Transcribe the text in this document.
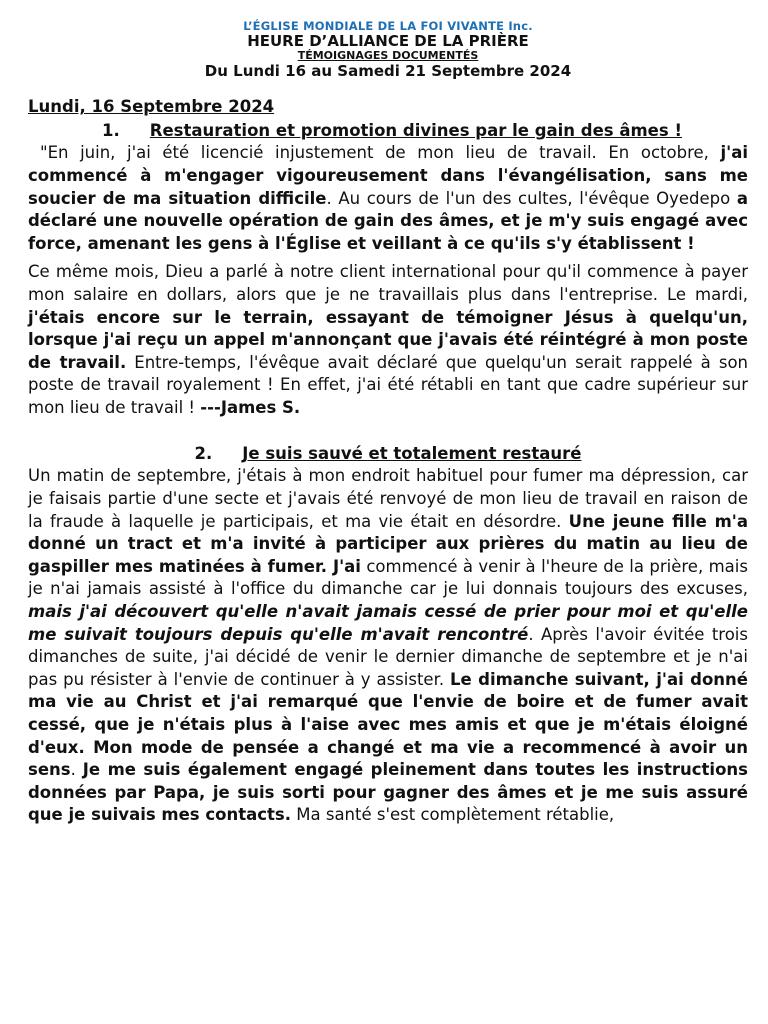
L’ÉGLISE MONDIALE DE LA FOI VIVANTE Inc.
HEURE D’ALLIANCE DE LA PRIÈRE
TÉMOIGNAGES DOCUMENTÉS
Du Lundi 16 au Samedi 21 Septembre 2024
Lundi, 16 Septembre 2024
1. Restauration et promotion divines par le gain des âmes !

"En juin, j'ai été licencié injustement de mon lieu de travail. En octobre, j'ai commencé à m'engager vigoureusement dans l'évangélisation, sans me soucier de ma situation difficile. Au cours de l'un des cultes, l'évêque Oyedepo a déclaré une nouvelle opération de gain des âmes, et je m'y suis engagé avec force, amenant les gens à l'Église et veillant à ce qu'ils s'y établissent !

Ce même mois, Dieu a parlé à notre client international pour qu'il commence à payer mon salaire en dollars, alors que je ne travaillais plus dans l'entreprise. Le mardi, j'étais encore sur le terrain, essayant de témoigner Jésus à quelqu'un, lorsque j'ai reçu un appel m'annonçant que j'avais été réintégré à mon poste de travail. Entre-temps, l'évêque avait déclaré que quelqu'un serait rappelé à son poste de travail royalement ! En effet, j'ai été rétabli en tant que cadre supérieur sur mon lieu de travail ! ---James S.

2. Je suis sauvé et totalement restauré

Un matin de septembre, j'étais à mon endroit habituel pour fumer ma dépression, car je faisais partie d'une secte et j'avais été renvoyé de mon lieu de travail en raison de la fraude à laquelle je participais, et ma vie était en désordre. Une jeune fille m'a donné un tract et m'a invité à participer aux prières du matin au lieu de gaspiller mes matinées à fumer. J'ai commencé à venir à l'heure de la prière, mais je n'ai jamais assisté à l'office du dimanche car je lui donnais toujours des excuses, mais j'ai découvert qu'elle n'avait jamais cessé de prier pour moi et qu'elle me suivait toujours depuis qu'elle m'avait rencontré. Après l'avoir évitée trois dimanches de suite, j'ai décidé de venir le dernier dimanche de septembre et je n'ai pas pu résister à l'envie de continuer à y assister. Le dimanche suivant, j'ai donné ma vie au Christ et j'ai remarqué que l'envie de boire et de fumer avait cessé, que je n'étais plus à l'aise avec mes amis et que je m'étais éloigné d'eux. Mon mode de pensée a changé et ma vie a recommencé à avoir un sens. Je me suis également engagé pleinement dans toutes les instructions données par Papa, je suis sorti pour gagner des âmes et je me suis assuré que je suivais mes contacts. Ma santé s'est complètement rétablie,
